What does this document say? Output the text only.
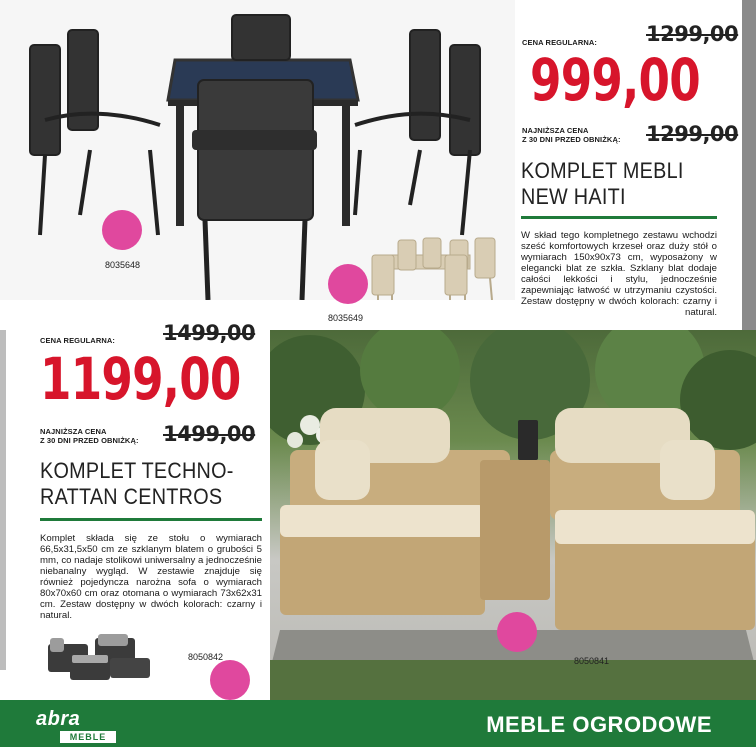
8035648
8035649
CENA REGULARNA: 1299,00
999,00
NAJNIŻSZA CENA
Z 30 DNI PRZED OBNIŻKĄ: 1299,00
KOMPLET MEBLI
NEW HAITI
W skład tego kompletnego zestawu wchodzi sześć komfortowych krzeseł oraz duży stół o wymiarach 150x90x73 cm, wyposażony w elegancki blat ze szkła. Szklany blat dodaje całości lekkości i stylu, jednocześnie zapewniając łatwość w utrzymaniu czystości. Zestaw dostępny w dwóch kolorach: czarny i natural.
CENA REGULARNA: 1499,00
1199,00
NAJNIŻSZA CENA
Z 30 DNI PRZED OBNIŻKĄ: 1499,00
KOMPLET TECHNO-
RATTAN CENTROS
Komplet składa się ze stołu o wymiarach 66,5x31,5x50 cm ze szklanym blatem o grubości 5 mm, co nadaje stolikowi uniwersalny a jednocześnie niebanalny wygląd. W zestawie znajduje się również pojedyncza narożna sofa o wymiarach 80x70x60 cm oraz otomana o wymiarach 73x62x31 cm. Zestaw dostępny w dwóch kolorach: czarny i natural.
8050842	8050841
abra
MEBLE	MEBLE OGRODOWE
